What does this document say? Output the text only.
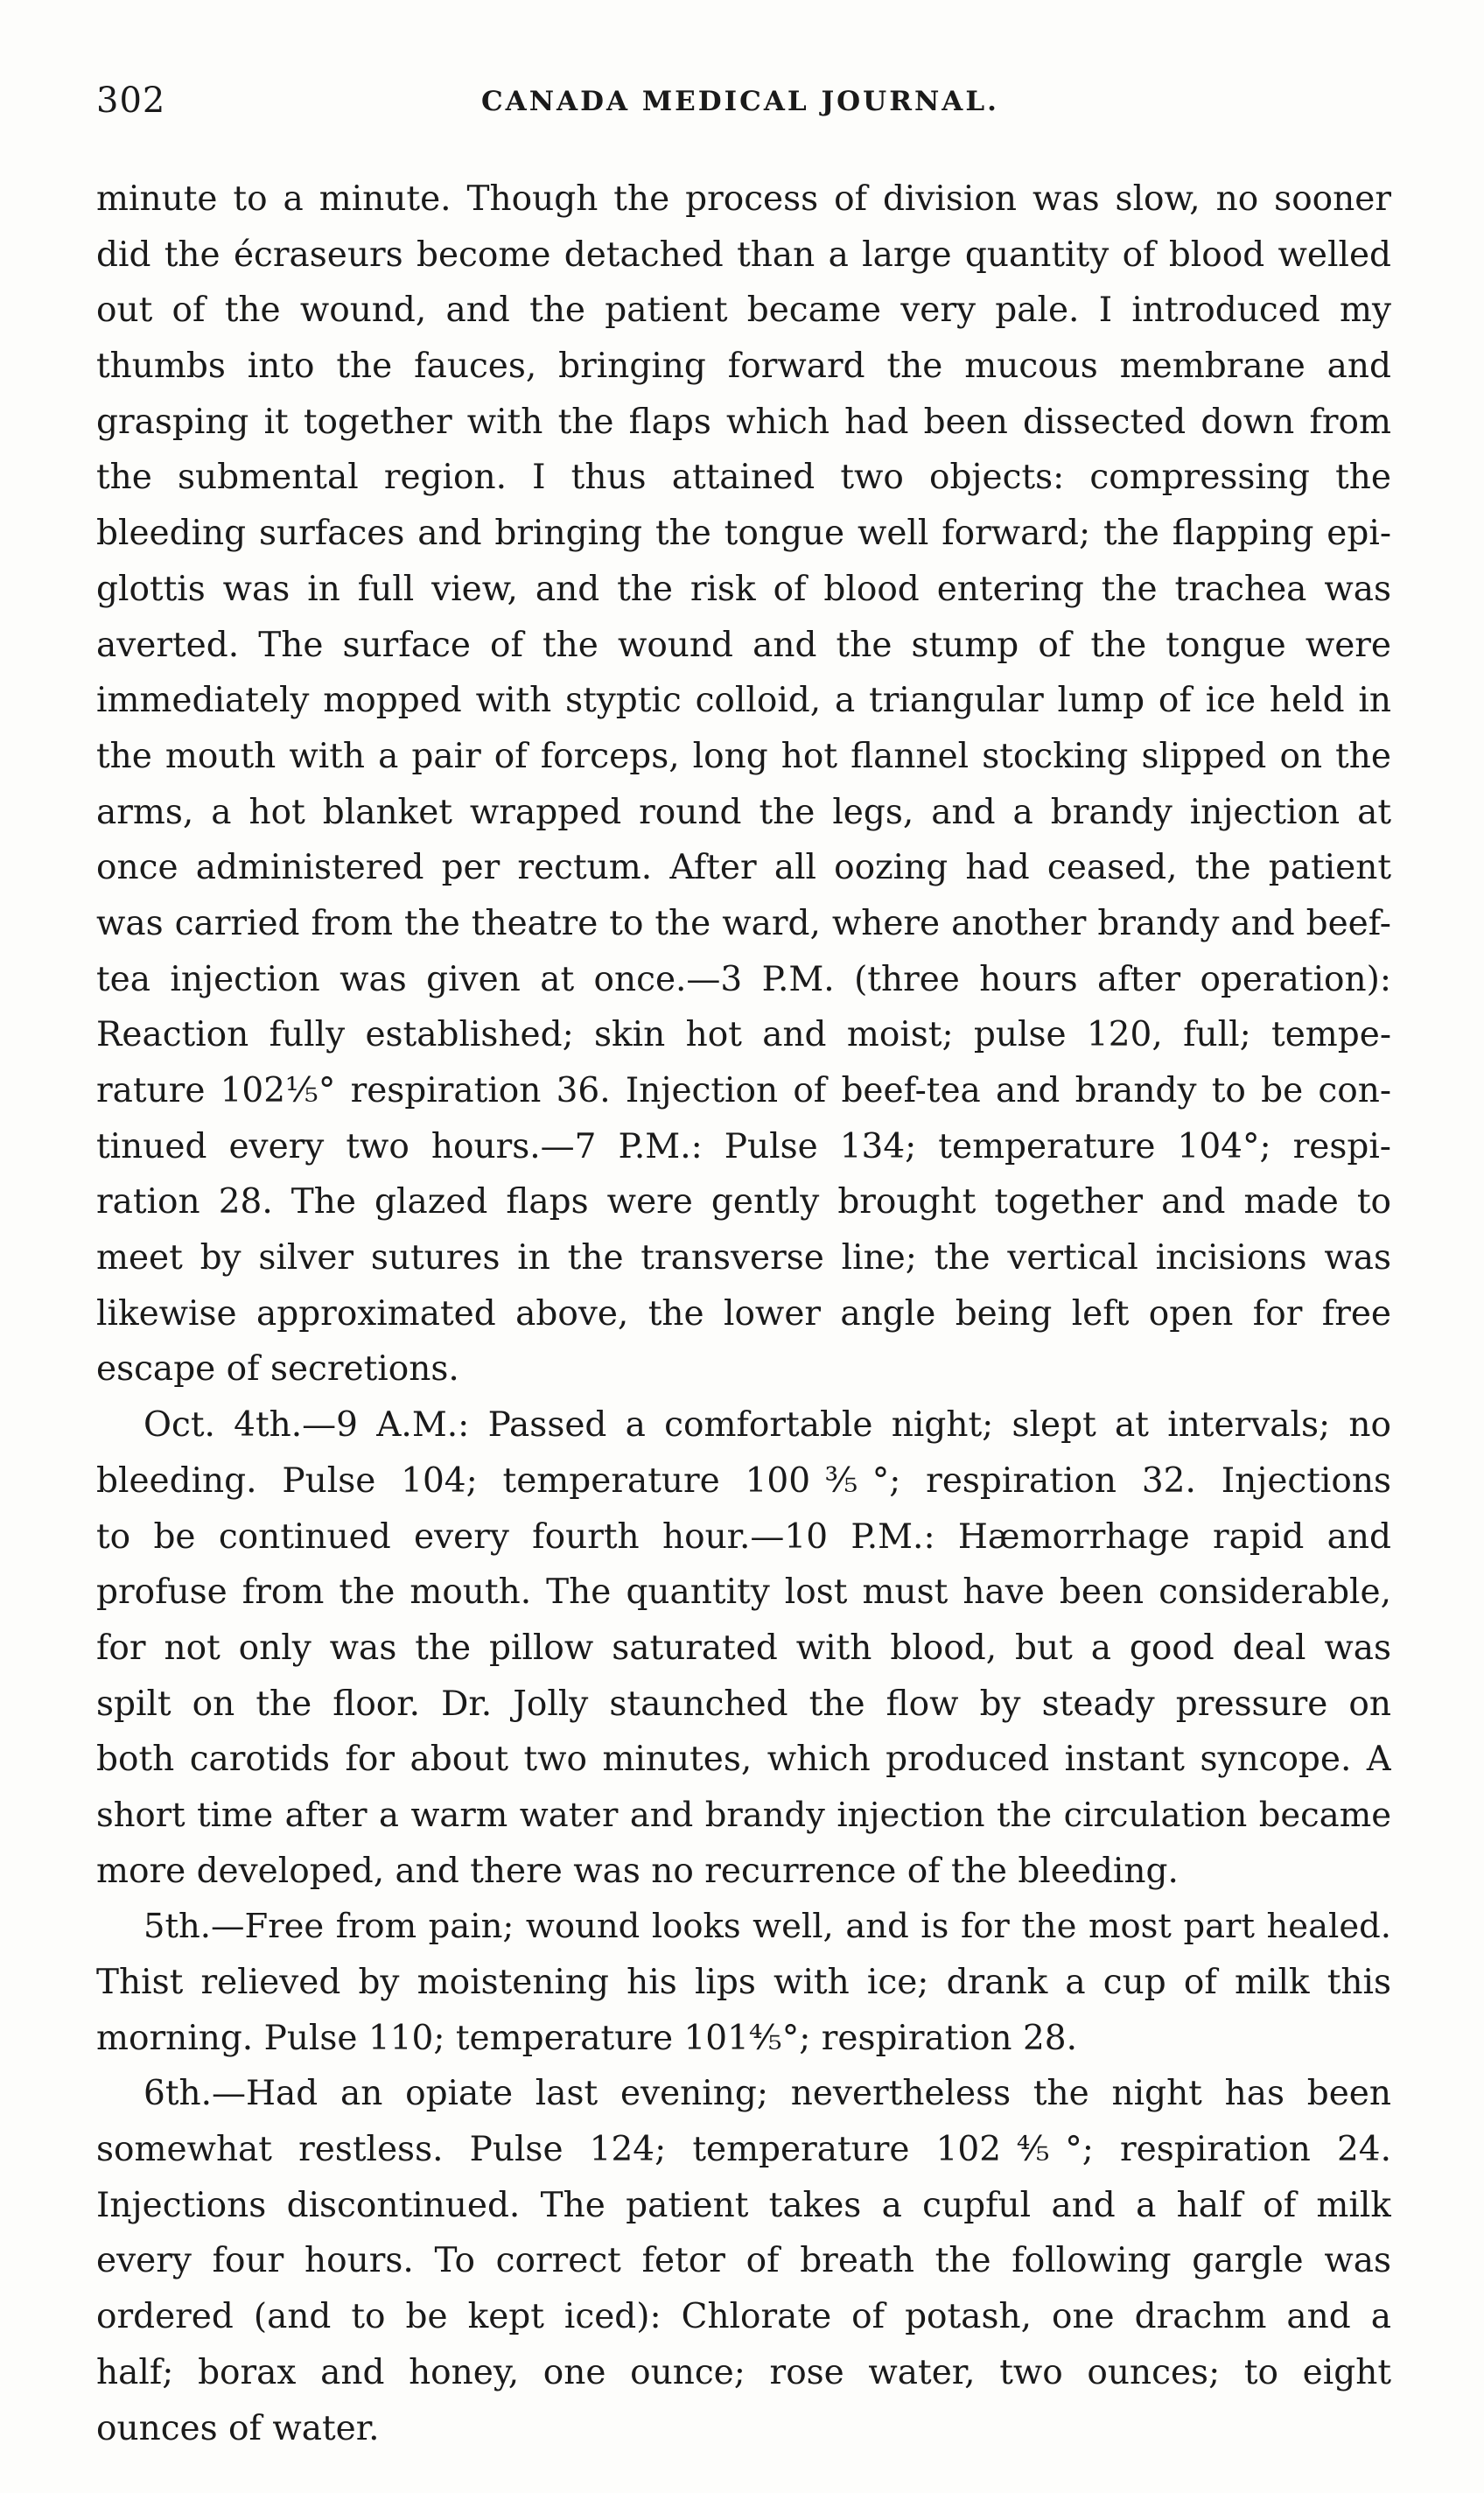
302	CANADA MEDICAL JOURNAL.
minute to a minute. Though the process of division was slow, no sooner
did the écraseurs become detached than a large quantity of blood welled
out of the wound, and the patient became very pale. I introduced my
thumbs into the fauces, bringing forward the mucous membrane and
grasping it together with the flaps which had been dissected down from
the submental region. I thus attained two objects: compressing the
bleeding surfaces and bringing the tongue well forward; the flapping epi-
glottis was in full view, and the risk of blood entering the trachea was
averted. The surface of the wound and the stump of the tongue were
immediately mopped with styptic colloid, a triangular lump of ice held in
the mouth with a pair of forceps, long hot flannel stocking slipped on the
arms, a hot blanket wrapped round the legs, and a brandy injection at
once administered per rectum. After all oozing had ceased, the patient
was carried from the theatre to the ward, where another brandy and beef-
tea injection was given at once.—3 P.M. (three hours after operation):
Reaction fully established; skin hot and moist; pulse 120, full; tempe-
rature 102⅕° respiration 36. Injection of beef-tea and brandy to be con-
tinued every two hours.—7 P.M.: Pulse 134; temperature 104°; respi-
ration 28. The glazed flaps were gently brought together and made to
meet by silver sutures in the transverse line; the vertical incisions was
likewise approximated above, the lower angle being left open for free
escape of secretions.
Oct. 4th.—9 A.M.: Passed a comfortable night; slept at intervals; no
bleeding. Pulse 104; temperature 100⅗°; respiration 32. Injections
to be continued every fourth hour.—10 P.M.: Hæmorrhage rapid and
profuse from the mouth. The quantity lost must have been considerable,
for not only was the pillow saturated with blood, but a good deal was
spilt on the floor. Dr. Jolly staunched the flow by steady pressure on
both carotids for about two minutes, which produced instant syncope. A
short time after a warm water and brandy injection the circulation became
more developed, and there was no recurrence of the bleeding.
5th.—Free from pain; wound looks well, and is for the most part healed.
Thist relieved by moistening his lips with ice; drank a cup of milk this
morning. Pulse 110; temperature 101⅘°; respiration 28.
6th.—Had an opiate last evening; nevertheless the night has been
somewhat restless. Pulse 124; temperature 102⅘°; respiration 24.
Injections discontinued. The patient takes a cupful and a half of milk
every four hours. To correct fetor of breath the following gargle was
ordered (and to be kept iced): Chlorate of potash, one drachm and a
half; borax and honey, one ounce; rose water, two ounces; to eight
ounces of water.
